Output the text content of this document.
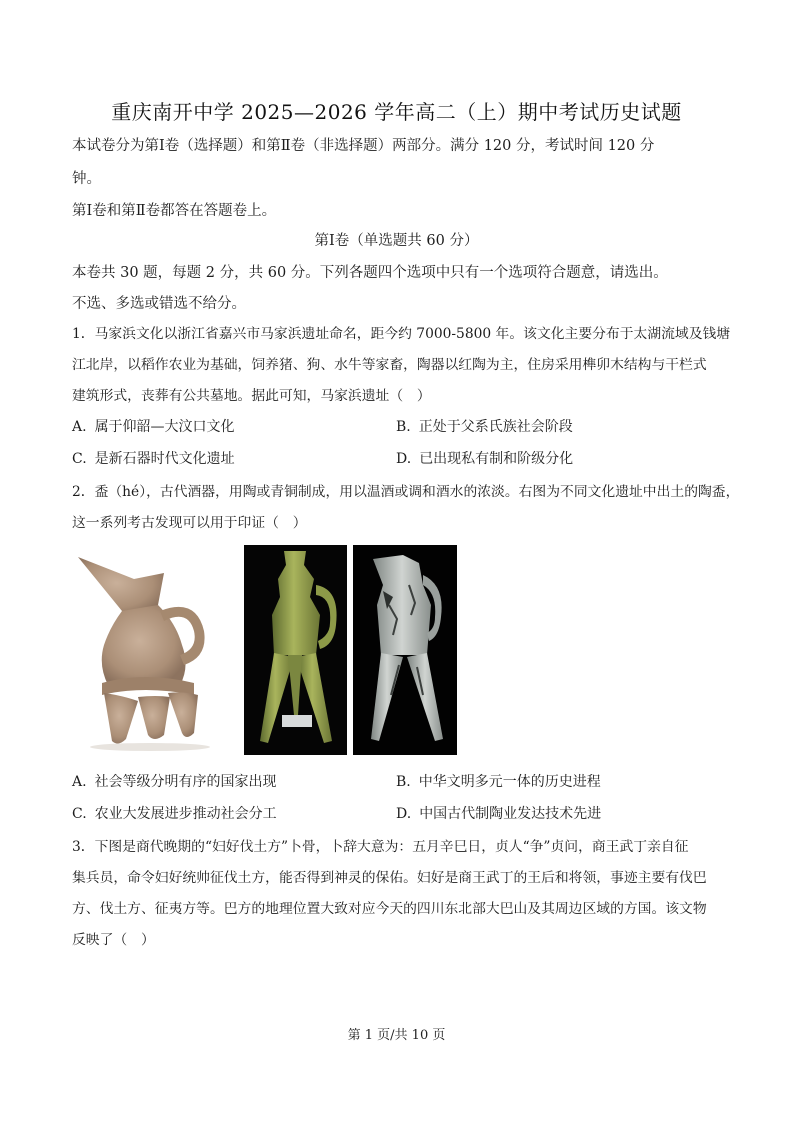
重庆南开中学 2025—2026 学年高二（上）期中考试历史试题
本试卷分为第Ⅰ卷（选择题）和第Ⅱ卷（非选择题）两部分。满分 120 分，考试时间 120 分
钟。
第Ⅰ卷和第Ⅱ卷都答在答题卷上。
第Ⅰ卷（单选题共 60 分）
本卷共 30 题，每题 2 分，共 60 分。下列各题四个选项中只有一个选项符合题意，请选出。
不选、多选或错选不给分。
1．马家浜文化以浙江省嘉兴市马家浜遗址命名，距今约 7000-5800 年。该文化主要分布于太湖流域及钱塘
江北岸，以稻作农业为基础，饲养猪、狗、水牛等家畜，陶器以红陶为主，住房采用榫卯木结构与干栏式
建筑形式，丧葬有公共墓地。据此可知，马家浜遗址（　）
A. 属于仰韶—大汶口文化	B. 正处于父系氏族社会阶段
C. 是新石器时代文化遗址	D. 已出现私有制和阶级分化
2．盉（hé），古代酒器，用陶或青铜制成，用以温酒或调和酒水的浓淡。右图为不同文化遗址中出土的陶盉，
这一系列考古发现可以用于印证（　）
A. 社会等级分明有序的国家出现	B. 中华文明多元一体的历史进程
C. 农业大发展进步推动社会分工	D. 中国古代制陶业发达技术先进
3．下图是商代晚期的“妇好伐土方”卜骨，卜辞大意为：五月辛巳日，贞人“争”贞问，商王武丁亲自征
集兵员，命令妇好统帅征伐土方，能否得到神灵的保佑。妇好是商王武丁的王后和将领，事迹主要有伐巴
方、伐土方、征夷方等。巴方的地理位置大致对应今天的四川东北部大巴山及其周边区域的方国。该文物
反映了（　）
第 1 页/共 10 页
